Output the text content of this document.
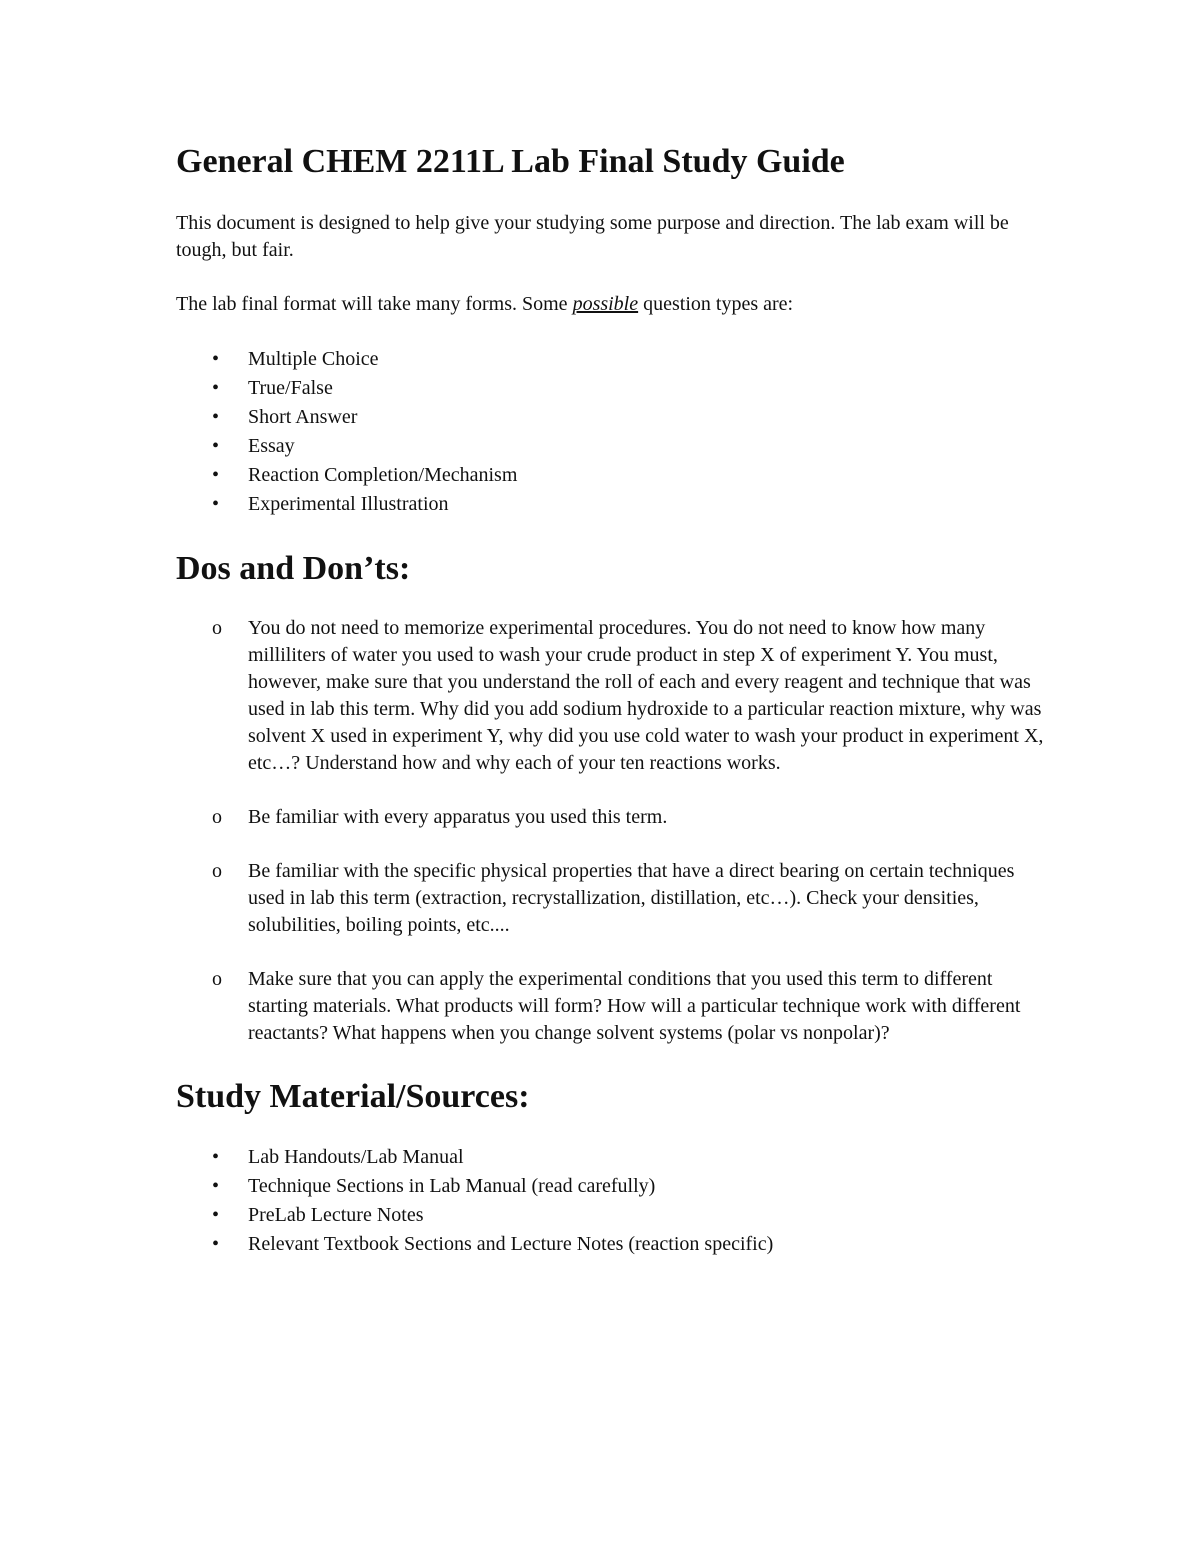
General CHEM 2211L Lab Final Study Guide

This document is designed to help give your studying some purpose and direction. The lab exam will be tough, but fair.

The lab final format will take many forms. Some possible question types are:

• Multiple Choice
• True/False
• Short Answer
• Essay
• Reaction Completion/Mechanism
• Experimental Illustration
Dos and Don’ts:
o You do not need to memorize experimental procedures. You do not need to know how many milliliters of water you used to wash your crude product in step X of experiment Y. You must, however, make sure that you understand the roll of each and every reagent and technique that was used in lab this term. Why did you add sodium hydroxide to a particular reaction mixture, why was solvent X used in experiment Y, why did you use cold water to wash your product in experiment X, etc…? Understand how and why each of your ten reactions works.
o Be familiar with every apparatus you used this term.
o Be familiar with the specific physical properties that have a direct bearing on certain techniques used in lab this term (extraction, recrystallization, distillation, etc…). Check your densities, solubilities, boiling points, etc....
o Make sure that you can apply the experimental conditions that you used this term to different starting materials. What products will form? How will a particular technique work with different reactants? What happens when you change solvent systems (polar vs nonpolar)?
Study Material/Sources:
• Lab Handouts/Lab Manual
• Technique Sections in Lab Manual (read carefully)
• PreLab Lecture Notes
• Relevant Textbook Sections and Lecture Notes (reaction specific)
